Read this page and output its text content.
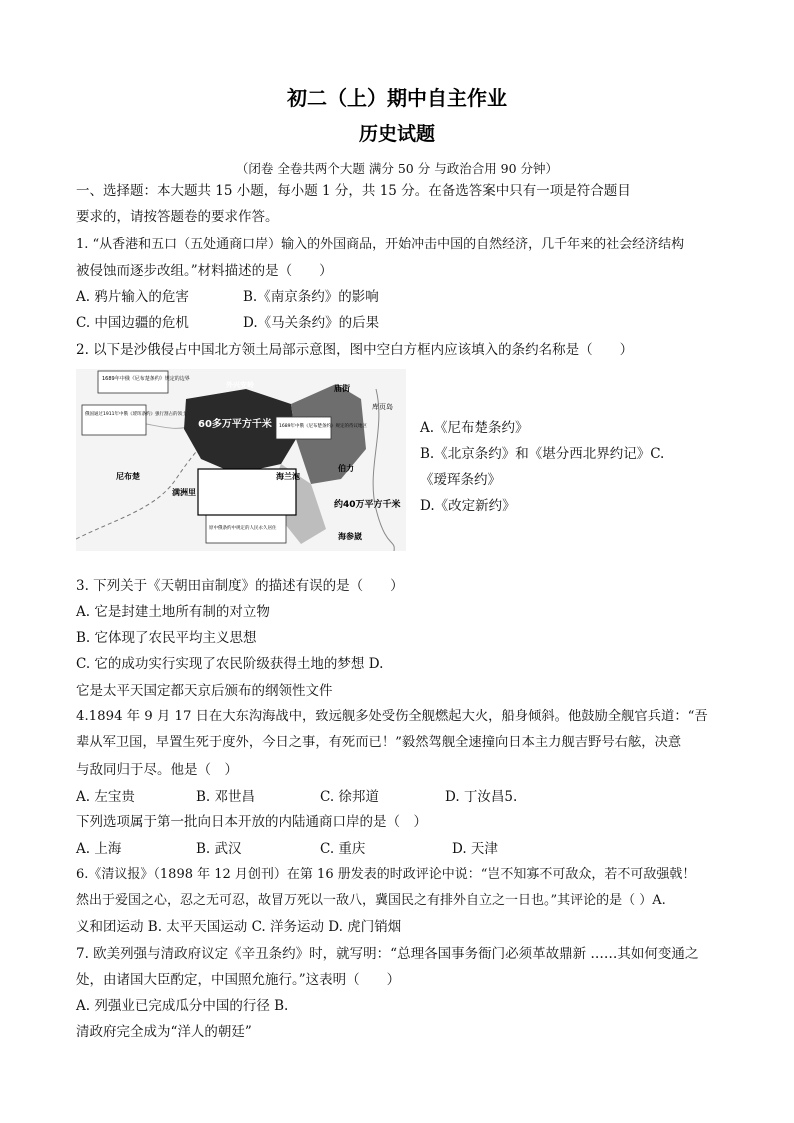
初二（上）期中自主作业
历史试题
（闭卷 全卷共两个大题 满分 50 分 与政治合用 90 分钟）
一、选择题：本大题共 15 小题，每小题 1 分，共 15 分。在备选答案中只有一项是符合题目
要求的，请按答题卷的要求作答。
1. “从香港和五口（五处通商口岸）输入的外国商品，开始冲击中国的自然经济，几千年来的社会经济结构
被侵蚀而逐步改组。”材料描述的是（　　）
A. 鸦片输入的危害	B.《南京条约》的影响
C. 中国边疆的危机	D.《马关条约》的后果
2. 以下是沙俄侵占中国北方领土局部示意图，图中空白方框内应该填入的条约名称是（　　）
1689年中俄《尼布楚条约》规定的边界
俄国通过1911年中俄《瑷珲条约》强行割占的领土
1689年中俄《尼布楚条约》规定的待议地区
原中俄条约中规定的人民永久居住
60多万平方千米
约40万平方千米
尼布楚
外兴安岭
海兰泡
伯力
庙街
库页岛
满洲里
海参崴
A.《尼布楚条约》
B.《北京条约》和《堪分西北界约记》C.
《瑷珲条约》
D.《改定新约》
3. 下列关于《天朝田亩制度》的描述有误的是（　　）
A. 它是封建土地所有制的对立物
B. 它体现了农民平均主义思想
C. 它的成功实行实现了农民阶级获得土地的梦想 D.
它是太平天国定都天京后颁布的纲领性文件
4.1894 年 9 月 17 日在大东沟海战中，致远舰多处受伤全舰燃起大火，船身倾斜。他鼓励全舰官兵道：“吾
辈从军卫国，早置生死于度外，今日之事，有死而已！”毅然驾舰全速撞向日本主力舰吉野号右舷，决意
与敌同归于尽。他是（　）
A. 左宝贵	B. 邓世昌	C. 徐邦道	D. 丁汝昌5.
下列选项属于第一批向日本开放的内陆通商口岸的是（　）
A. 上海	B. 武汉	C. 重庆	D. 天津
6.《清议报》（1898 年 12 月创刊）在第 16 册发表的时政评论中说：“岂不知寡不可敌众，若不可敌强戟！
然出于爱国之心，忍之无可忍，故冒万死以一敌八，冀国民之有排外自立之一日也。”其评论的是（ ）A.
义和团运动 B. 太平天国运动 C. 洋务运动 D. 虎门销烟
7. 欧美列强与清政府议定《辛丑条约》时，就写明：“总理各国事务衙门必须革故鼎新 ……其如何变通之
处，由诸国大臣酌定，中国照允施行。”这表明（　　）
A. 列强业已完成瓜分中国的行径 B.
清政府完全成为“洋人的朝廷”
